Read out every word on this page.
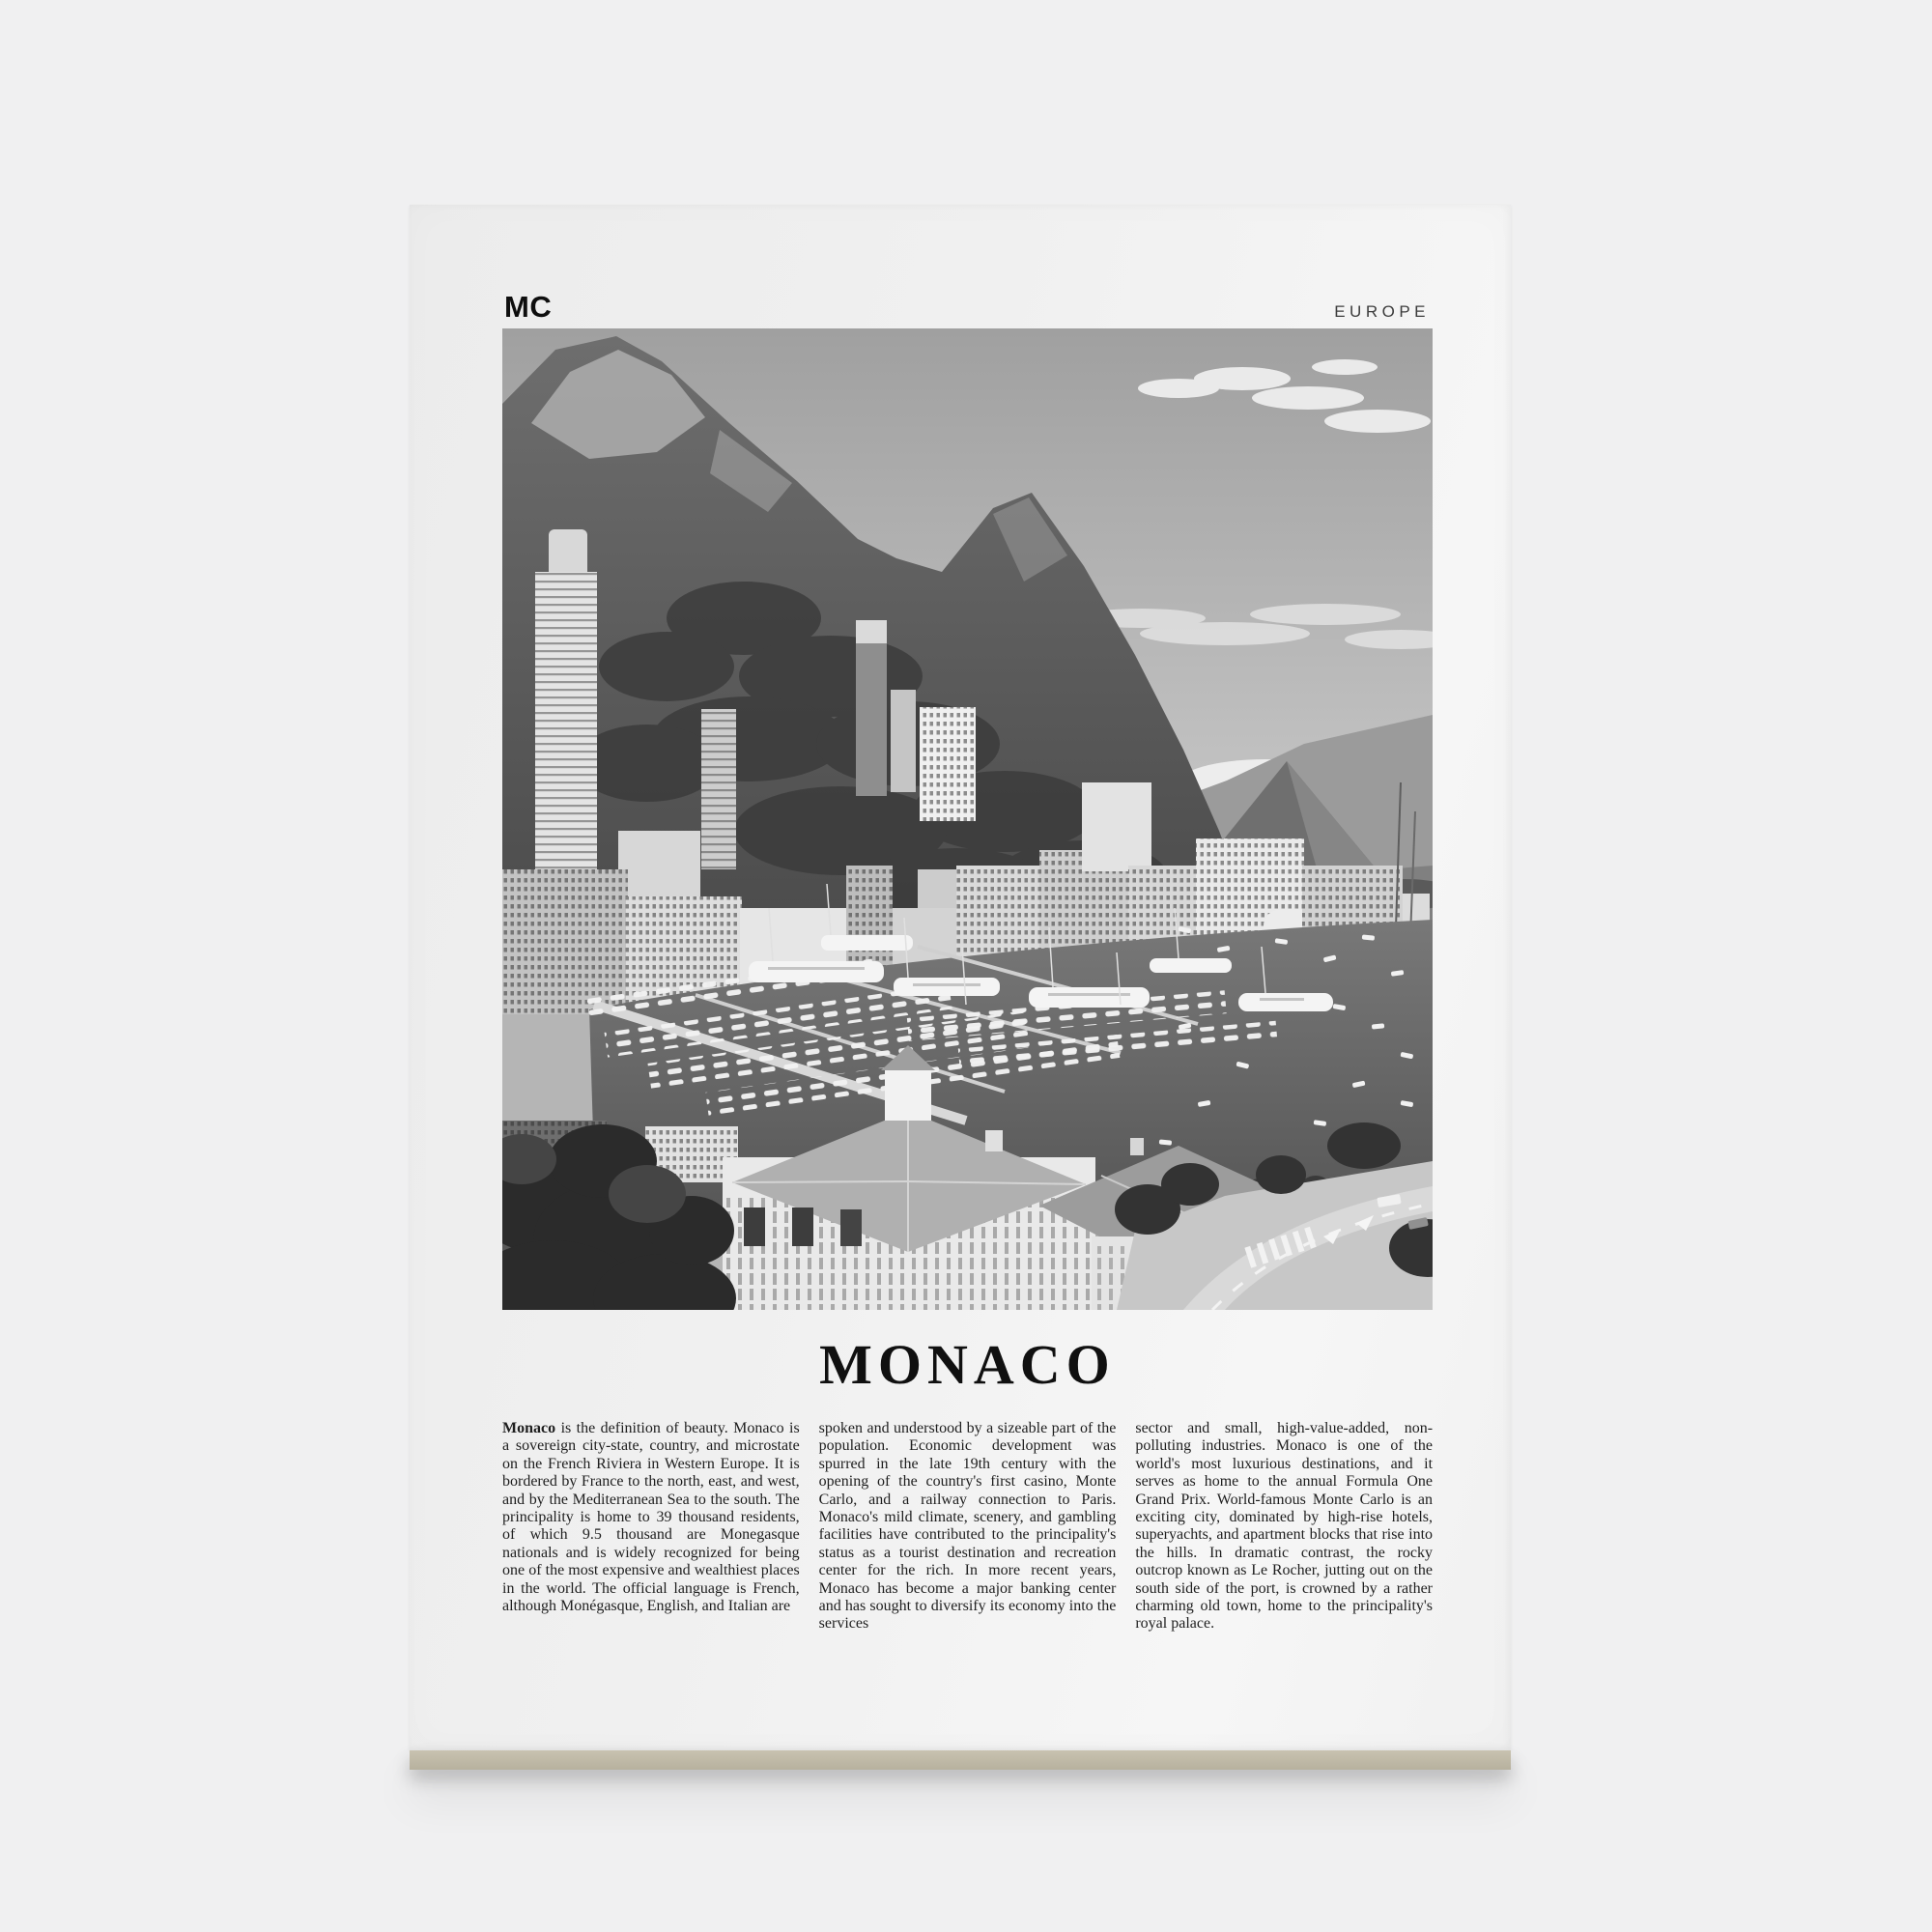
MC	EUROPE
MONACO

Monaco is the definition of beauty. Monaco is a sovereign city-state, country, and microstate on the French Riviera in Western Europe. It is bordered by France to the north, east, and west, and by the Mediterranean Sea to the south. The principality is home to 39 thousand residents, of which 9.5 thousand are Monegasque nationals and is widely recognized for being one of the most expensive and wealthiest places in the world. The official language is French, although Monégasque, English, and Italian are

spoken and understood by a sizeable part of the population. Economic development was spurred in the late 19th century with the opening of the country's first casino, Monte Carlo, and a railway connection to Paris. Monaco's mild climate, scenery, and gambling facilities have contributed to the principality's status as a tourist destination and recreation center for the rich. In more recent years, Monaco has become a major banking center and has sought to diversify its economy into the services

sector and small, high-value-added, non-polluting industries. Monaco is one of the world's most luxurious destinations, and it serves as home to the annual Formula One Grand Prix. World-famous Monte Carlo is an exciting city, dominated by high-rise hotels, superyachts, and apartment blocks that rise into the hills. In dramatic contrast, the rocky outcrop known as Le Rocher, jutting out on the south side of the port, is crowned by a rather charming old town, home to the principality's royal palace.
